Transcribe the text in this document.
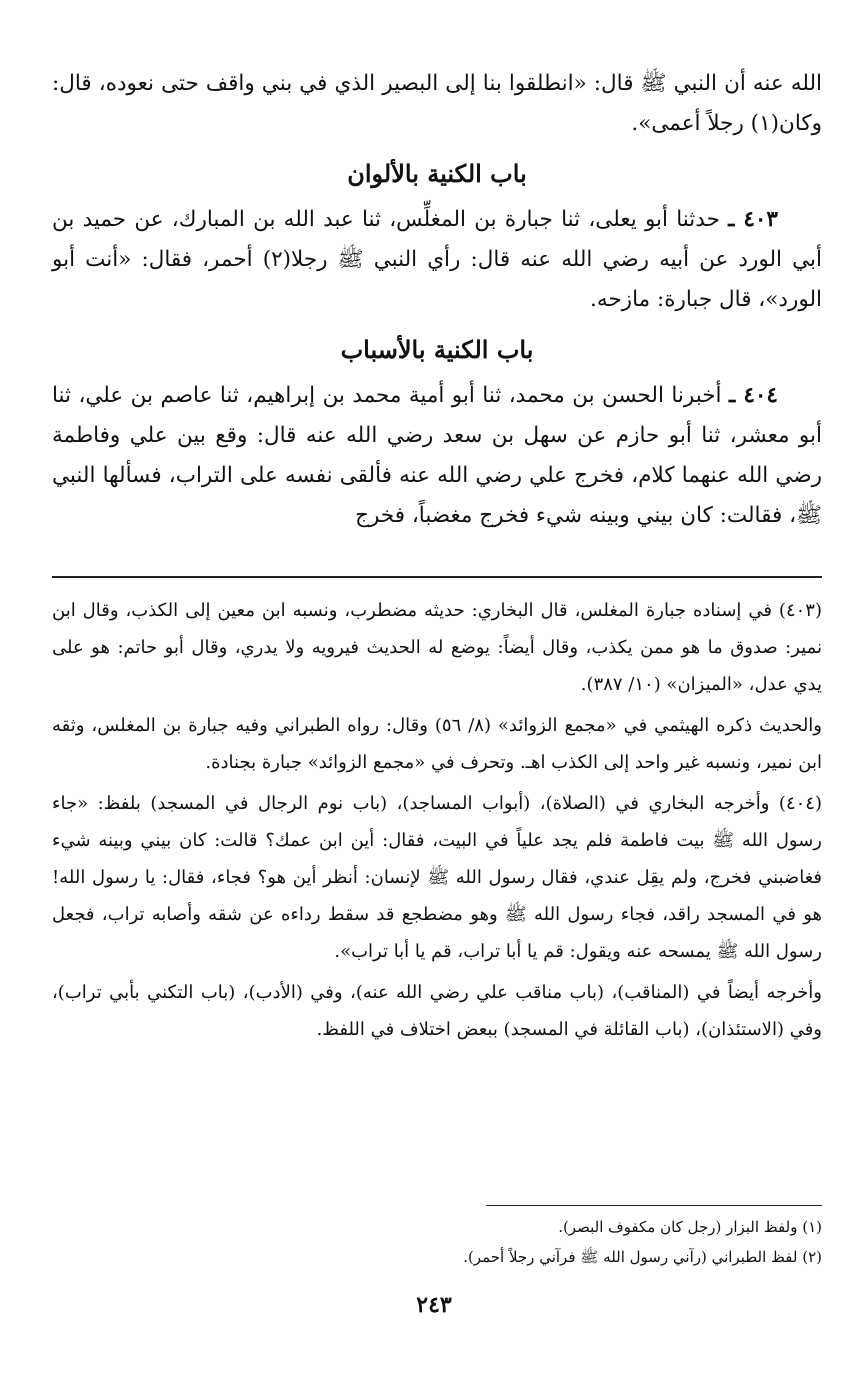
الله عنه أن النبي ﷺ قال: «انطلقوا بنا إلى البصير الذي في بني واقف حتى نعوده، قال: وكان(١) رجلاً أعمى».

باب الكنية بالألوان

٤٠٣ ـ حدثنا أبو يعلى، ثنا جبارة بن المغلِّس، ثنا عبد الله بن المبارك، عن حميد بن أبي الورد عن أبيه رضي الله عنه قال: رأي النبي ﷺ رجلا(٢) أحمر، فقال: «أنت أبو الورد»، قال جبارة: مازحه.

باب الكنية بالأسباب

٤٠٤ ـ أخبرنا الحسن بن محمد، ثنا أبو أمية محمد بن إبراهيم، ثنا عاصم بن علي، ثنا أبو معشر، ثنا أبو حازم عن سهل بن سعد رضي الله عنه قال: وقع بين علي وفاطمة رضي الله عنهما كلام، فخرج علي رضي الله عنه فألقى نفسه على التراب، فسألها النبي ﷺ، فقالت: كان بيني وبينه شيء فخرج مغضباً، فخرج

(٤٠٣) في إسناده جبارة المغلس، قال البخاري: حديثه مضطرب، ونسبه ابن معين إلى الكذب، وقال ابن نمير: صدوق ما هو ممن يكذب، وقال أيضاً: يوضع له الحديث فيرويه ولا يدري، وقال أبو حاتم: هو على يدي عدل، «الميزان» (١٠/ ٣٨٧).

والحديث ذكره الهيثمي في «مجمع الزوائد» (٨/ ٥٦) وقال: رواه الطبراني وفيه جبارة بن المغلس، وثقه ابن نمير، ونسبه غير واحد إلى الكذب اهـ. وتحرف في «مجمع الزوائد» جبارة بجنادة.

(٤٠٤) وأخرجه البخاري في (الصلاة)، (أبواب المساجد)، (باب نوم الرجال في المسجد) بلفظ: «جاء رسول الله ﷺ بيت فاطمة فلم يجد علياً في البيت، فقال: أين ابن عمك؟ قالت: كان بيني وبينه شيء فغاضبني فخرج، ولم يقِل عندي، فقال رسول الله ﷺ لإنسان: أنظر أين هو؟ فجاء، فقال: يا رسول الله! هو في المسجد راقد، فجاء رسول الله ﷺ وهو مضطجع قد سقط رداءه عن شقه وأصابه تراب، فجعل رسول الله ﷺ يمسحه عنه ويقول: قم يا أبا تراب، قم يا أبا تراب».

وأخرجه أيضاً في (المناقب)، (باب مناقب علي رضي الله عنه)، وفي (الأدب)، (باب التكني بأبي تراب)، وفي (الاستئذان)، (باب القائلة في المسجد) ببعض اختلاف في اللفظ.

(١) ولفظ البزار (رجل كان مكفوف البصر).
(٢) لفظ الطبراني (رآني رسول الله ﷺ فرآني رجلاً أحمر).
٢٤٣
